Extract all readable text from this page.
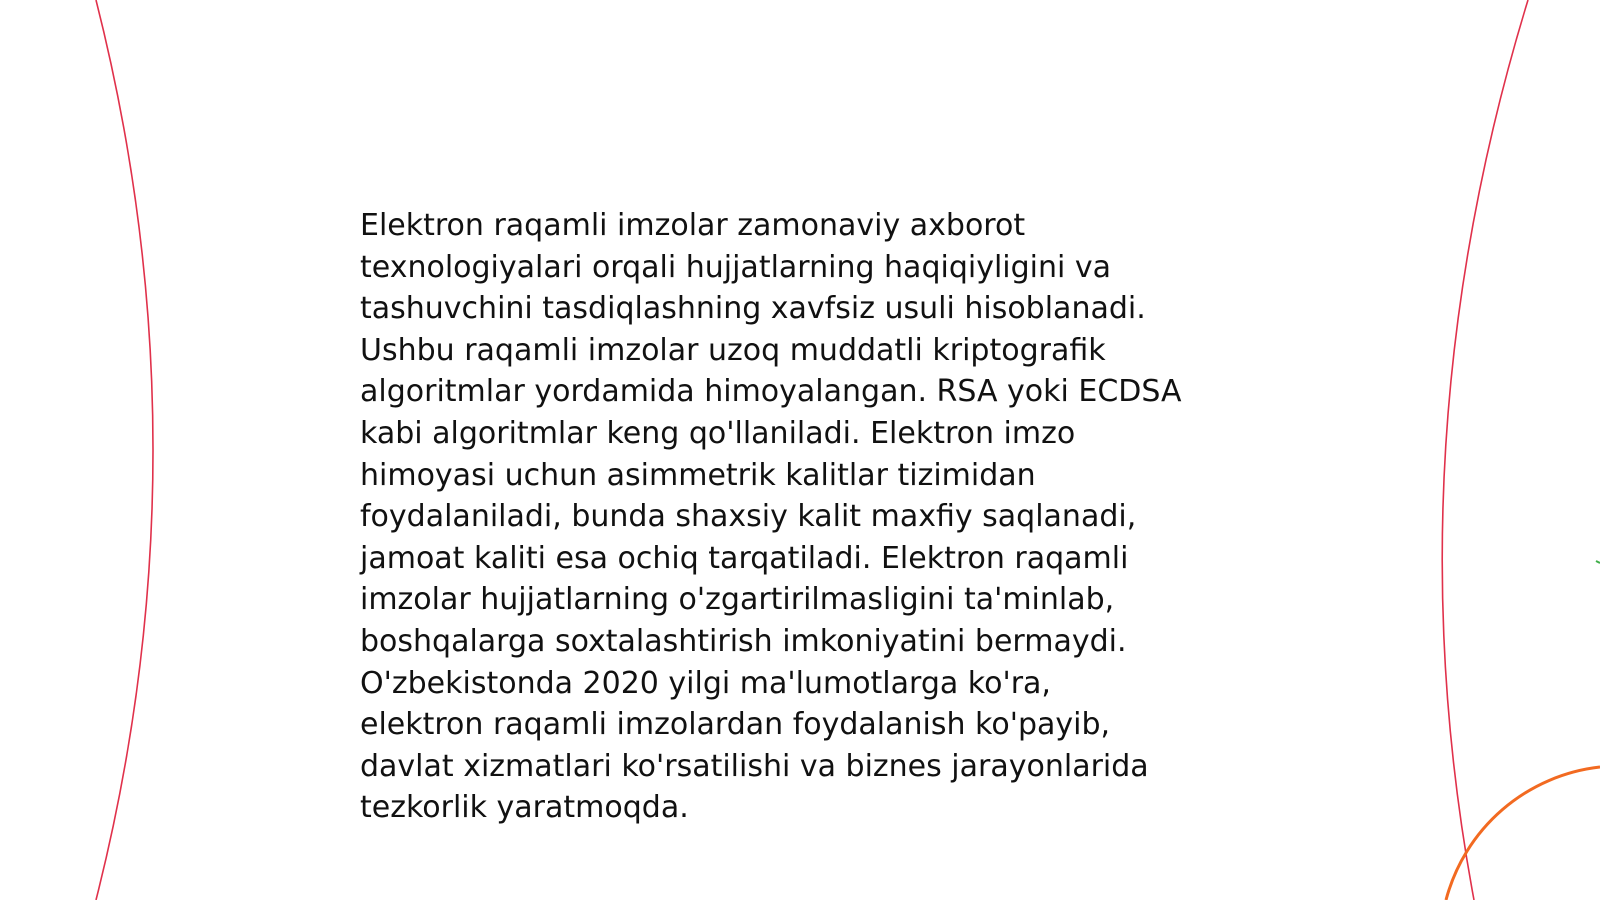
Elektron raqamli imzolar zamonaviy axborot
texnologiyalari orqali hujjatlarning haqiqiyligini va
tashuvchini tasdiqlashning xavfsiz usuli hisoblanadi.
Ushbu raqamli imzolar uzoq muddatli kriptografik
algoritmlar yordamida himoyalangan. RSA yoki ECDSA
kabi algoritmlar keng qo'llaniladi. Elektron imzo
himoyasi uchun asimmetrik kalitlar tizimidan
foydalaniladi, bunda shaxsiy kalit maxfiy saqlanadi,
jamoat kaliti esa ochiq tarqatiladi. Elektron raqamli
imzolar hujjatlarning o'zgartirilmasligini ta'minlab,
boshqalarga soxtalashtirish imkoniyatini bermaydi.
O'zbekistonda 2020 yilgi ma'lumotlarga ko'ra,
elektron raqamli imzolardan foydalanish ko'payib,
davlat xizmatlari ko'rsatilishi va biznes jarayonlarida
tezkorlik yaratmoqda.
